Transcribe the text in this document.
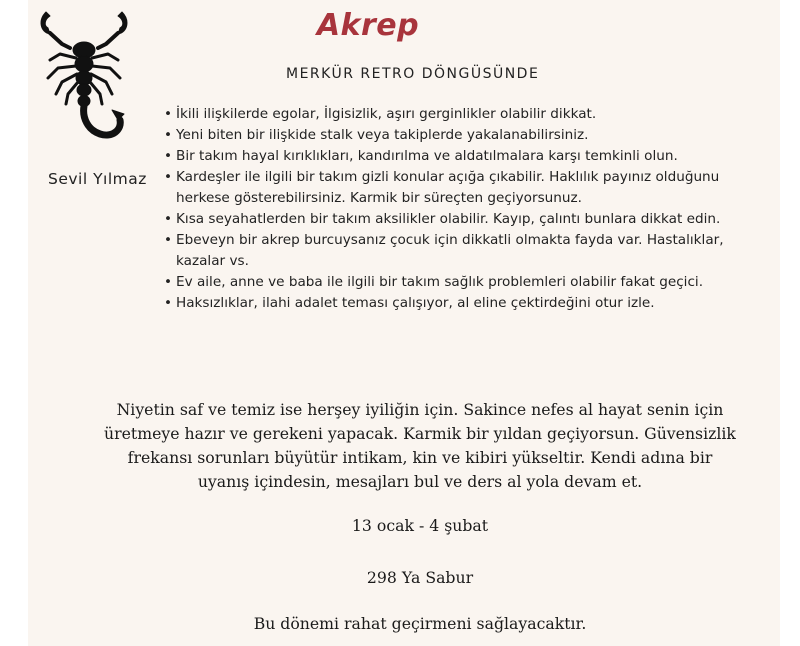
Akrep
MERKÜR RETRO DÖNGÜSÜNDE
Sevil Yılmaz
• İkili ilişkilerde egolar, İlgisizlik, aşırı gerginlikler olabilir dikkat.
• Yeni biten bir ilişkide stalk veya takiplerde yakalanabilirsiniz.
• Bir takım hayal kırıklıkları, kandırılma ve aldatılmalara karşı temkinli olun.
• Kardeşler ile ilgili bir takım gizli konular açığa çıkabilir. Haklılık payınız olduğunu herkese gösterebilirsiniz. Karmik bir süreçten geçiyorsunuz.
• Kısa seyahatlerden bir takım aksilikler olabilir. Kayıp, çalıntı bunlara dikkat edin.
• Ebeveyn bir akrep burcuysanız çocuk için dikkatli olmakta fayda var. Hastalıklar, kazalar vs.
• Ev aile, anne ve baba ile ilgili bir takım sağlık problemleri olabilir fakat geçici.
• Haksızlıklar, ilahi adalet teması çalışıyor, al eline çektirdeğini otur izle.

Niyetin saf ve temiz ise herşey iyiliğin için. Sakince nefes al hayat senin için üretmeye hazır ve gerekeni yapacak. Karmik bir yıldan geçiyorsun. Güvensizlik frekansı sorunları büyütür intikam, kin ve kibiri yükseltir. Kendi adına bir uyanış içindesin, mesajları bul ve ders al yola devam et.

13 ocak - 4 şubat
298 Ya Sabur
Bu dönemi rahat geçirmeni sağlayacaktır.
